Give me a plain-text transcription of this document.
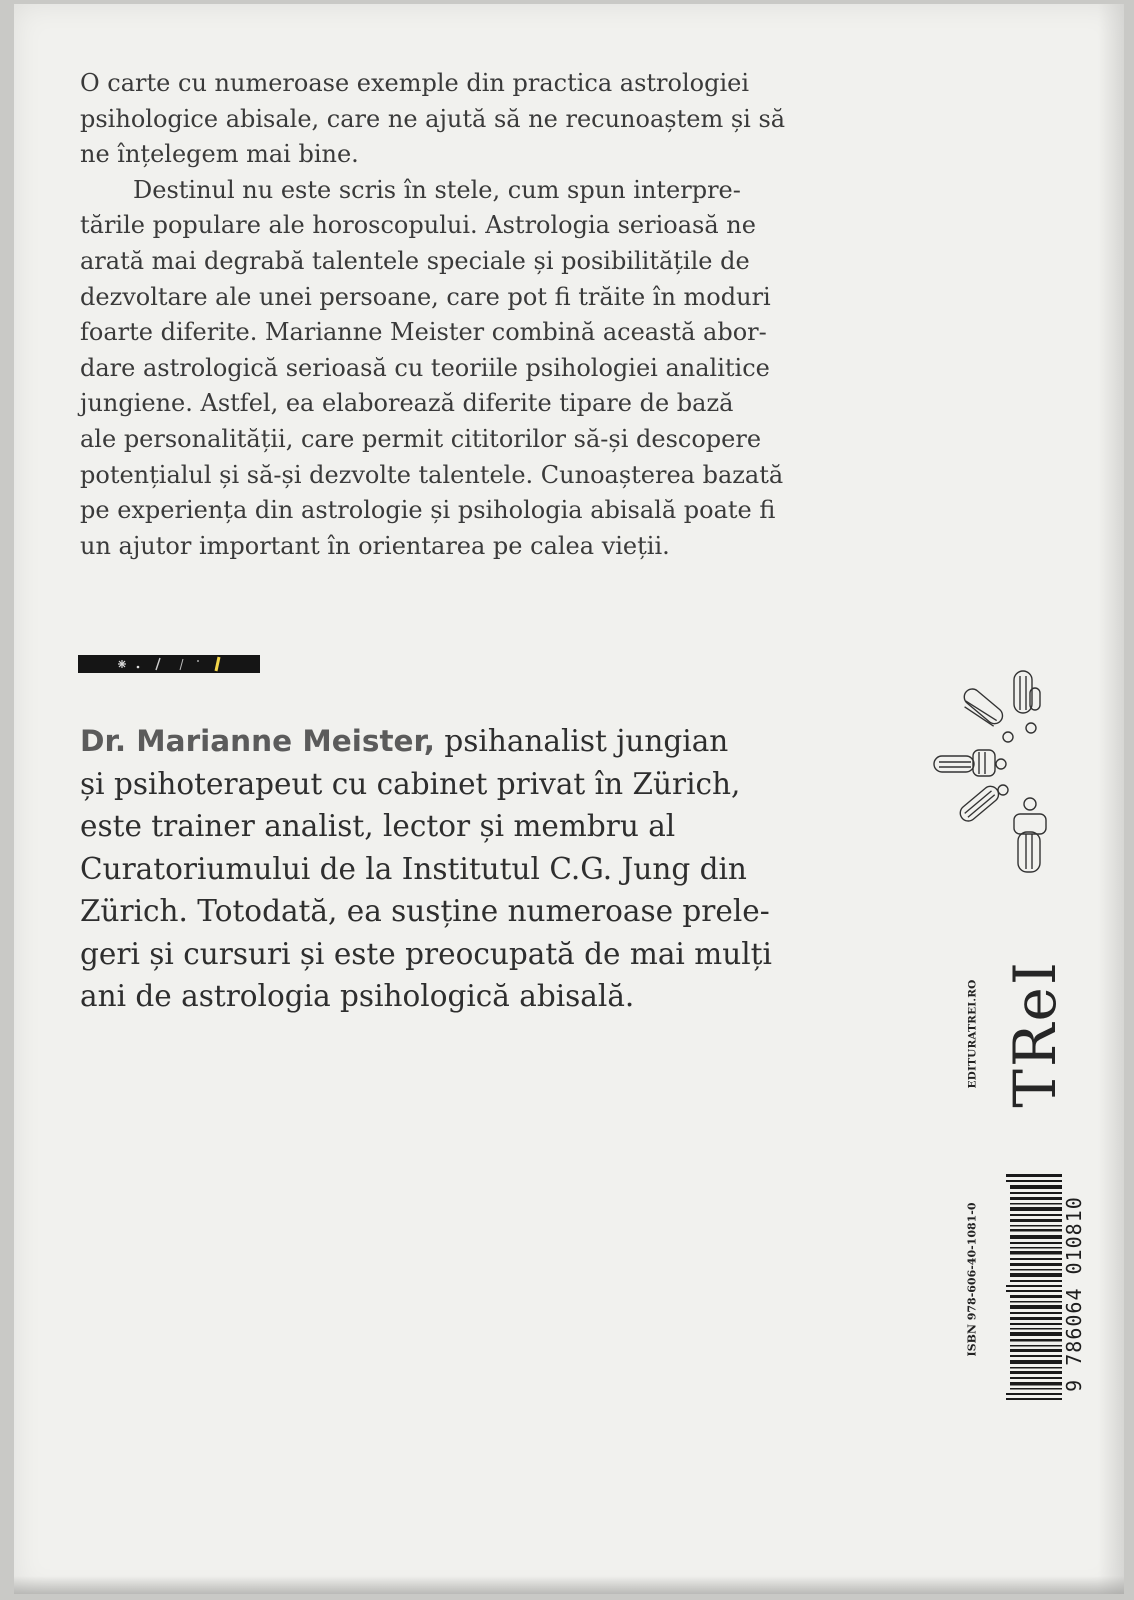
O carte cu numeroase exemple din practica astrologiei

psihologice abisale, care ne ajută să ne recunoaștem și să

ne înțelegem mai bine.

Destinul nu este scris în stele, cum spun interpre-

tările populare ale horoscopului. Astrologia serioasă ne

arată mai degrabă talentele speciale și posibilitățile de

dezvoltare ale unei persoane, care pot fi trăite în moduri

foarte diferite. Marianne Meister combină această abor-

dare astrologică serioasă cu teoriile psihologiei analitice

jungiene. Astfel, ea elaborează diferite tipare de bază

ale personalității, care permit cititorilor să-și descopere

potențialul și să-și dezvolte talentele. Cunoașterea bazată

pe experiența din astrologie și psihologia abisală poate fi

un ajutor important în orientarea pe calea vieții.

Dr. Marianne Meister, psihanalist jungian

și psihoterapeut cu cabinet privat în Zürich,

este trainer analist, lector și membru al

Curatoriumului de la Institutul C.G. Jung din

Zürich. Totodată, ea susține numeroase prele-

geri și cursuri și este preocupată de mai mulți

ani de astrologia psihologică abisală.	EDITURATREI.RO TReI
ISBN 978-606-40-1081-0	9 786064 010810
